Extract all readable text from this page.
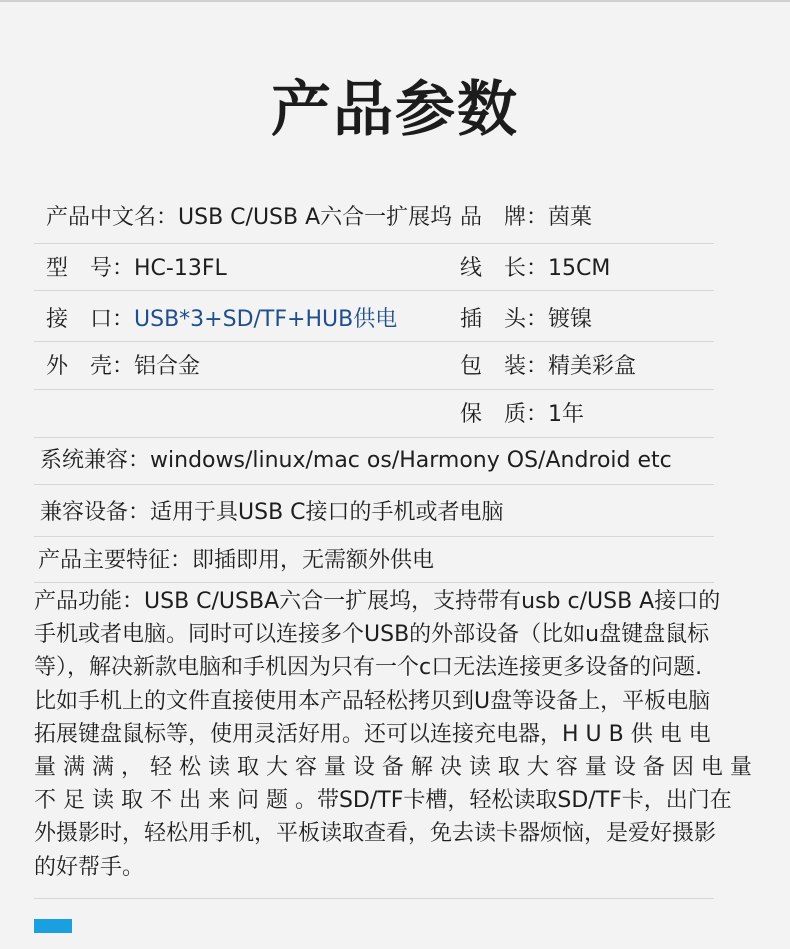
产品参数
产品中文名：USB C/USB A六合一扩展坞 品　牌：茵菓
型　号：HC-13FL	线　长：15CM
接　口：USB*3+SD/TF+HUB供电	插　头：镀镍
外　壳：铝合金	包　装：精美彩盒
保　质：1年
系统兼容：windows/linux/mac os/Harmony OS/Android etc
兼容设备：适用于具USB C接口的手机或者电脑
产品主要特征：即插即用，无需额外供电
产品功能：USB C/USBA六合一扩展坞，支持带有usb c/USB A接口的
手机或者电脑。同时可以连接多个USB的外部设备（比如u盘键盘鼠标
等），解决新款电脑和手机因为只有一个c口无法连接更多设备的问题.
比如手机上的文件直接使用本产品轻松拷贝到U盘等设备上，平板电脑
拓展键盘鼠标等，使用灵活好用。还可以连接充电器，H U B 供 电 电
量 满 满 ， 轻 松 读 取 大 容 量 设 备 解 决 读 取 大 容 量 设 备 因 电 量
不 足 读 取 不 出 来 问 题 。带SD/TF卡槽，轻松读取SD/TF卡，出门在
外摄影时，轻松用手机，平板读取查看，免去读卡器烦恼，是爱好摄影
的好帮手。
